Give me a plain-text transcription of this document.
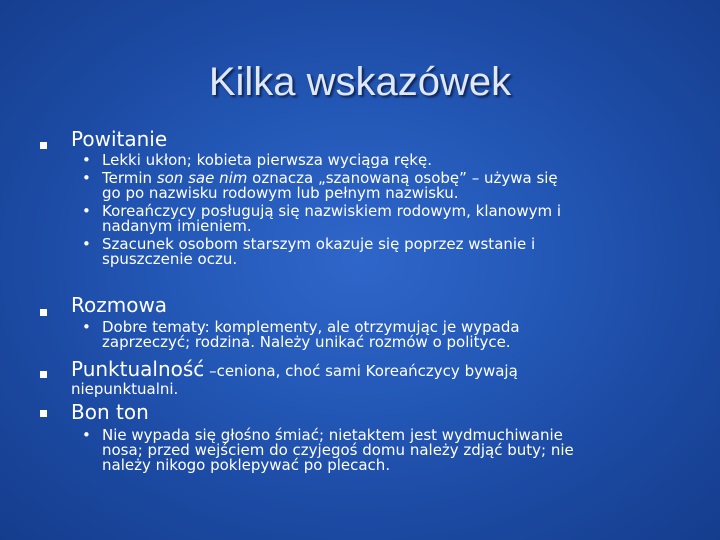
Kilka wskazówek
Powitanie
• Lekki ukłon; kobieta pierwsza wyciąga rękę.
• Termin son sae nim oznacza „szanowaną osobę” – używa się
go po nazwisku rodowym lub pełnym nazwisku.
• Koreańczycy posługują się nazwiskiem rodowym, klanowym i
nadanym imieniem.
• Szacunek osobom starszym okazuje się poprzez wstanie i
spuszczenie oczu.
Rozmowa
• Dobre tematy: komplementy, ale otrzymując je wypada
zaprzeczyć; rodzina. Należy unikać rozmów o polityce.
Punktualność –ceniona, choć sami Koreańczycy bywają
niepunktualni.
Bon ton
• Nie wypada się głośno śmiać; nietaktem jest wydmuchiwanie
nosa; przed wejściem do czyjegoś domu należy zdjąć buty; nie
należy nikogo poklepywać po plecach.
